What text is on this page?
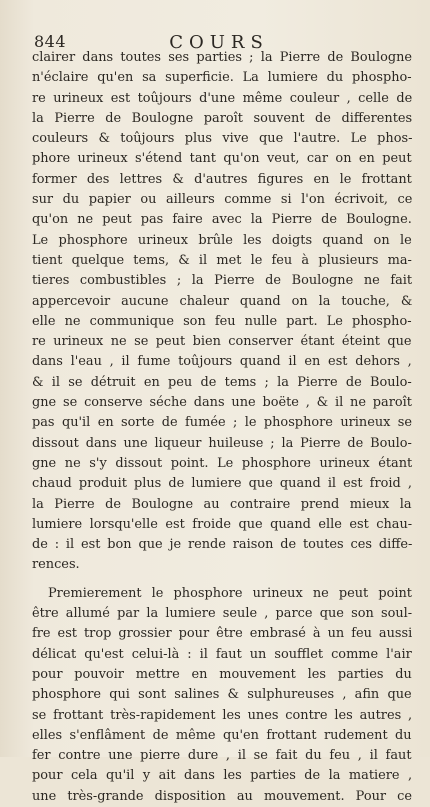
844	COURS
clairer dans toutes ses parties ; la Pierre de Boulogne
n'éclaire qu'en sa superficie. La lumiere du phospho-
re urineux est toûjours d'une même couleur , celle de
la Pierre de Boulogne paroît souvent de differentes
couleurs & toûjours plus vive que l'autre. Le phos-
phore urineux s'étend tant qu'on veut, car on en peut
former des lettres & d'autres figures en le frottant
sur du papier ou ailleurs comme si l'on écrivoit, ce
qu'on ne peut pas faire avec la Pierre de Boulogne.
Le phosphore urineux brûle les doigts quand on le
tient quelque tems, & il met le feu à plusieurs ma-
tieres combustibles ; la Pierre de Boulogne ne fait
appercevoir aucune chaleur quand on la touche, &
elle ne communique son feu nulle part. Le phospho-
re urineux ne se peut bien conserver étant éteint que
dans l'eau , il fume toûjours quand il en est dehors ,
& il se détruit en peu de tems ; la Pierre de Boulo-
gne se conserve séche dans une boëte , & il ne paroît
pas qu'il en sorte de fumée ; le phosphore urineux se
dissout dans une liqueur huileuse ; la Pierre de Boulo-
gne ne s'y dissout point. Le phosphore urineux étant
chaud produit plus de lumiere que quand il est froid ,
la Pierre de Boulogne au contraire prend mieux la
lumiere lorsqu'elle est froide que quand elle est chau-
de : il est bon que je rende raison de toutes ces diffe-
rences.
Premierement le phosphore urineux ne peut point
être allumé par la lumiere seule , parce que son soul-
fre est trop grossier pour être embrasé à un feu aussi
délicat qu'est celui-là : il faut un soufflet comme l'air
pour pouvoir mettre en mouvement les parties du
phosphore qui sont salines & sulphureuses , afin que
se frottant très-rapidement les unes contre les autres ,
elles s'enflâment de même qu'en frottant rudement du
fer contre une pierre dure , il se fait du feu , il faut
pour cela qu'il y ait dans les parties de la matiere ,
une très-grande disposition au mouvement. Pour ce
